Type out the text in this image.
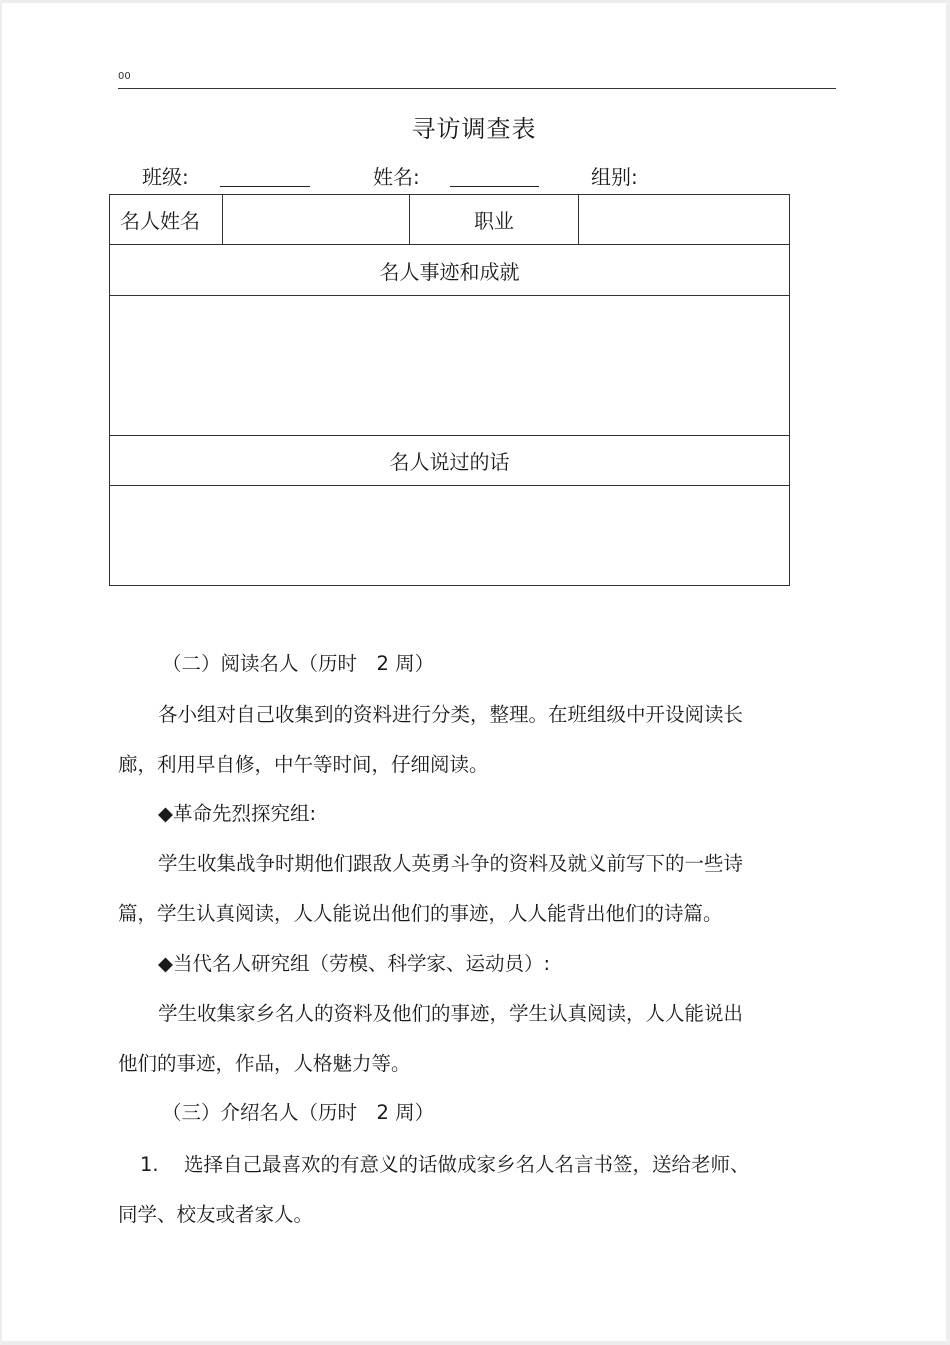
00
寻访调查表
班级:	姓名:	组别:
名人姓名		职业	
名人事迹和成就

名人说过的话

（二）阅读名人（历时　2 周）
各小组对自己收集到的资料进行分类，整理。在班组级中开设阅读长
廊，利用早自修，中午等时间，仔细阅读。
◆革命先烈探究组:
学生收集战争时期他们跟敌人英勇斗争的资料及就义前写下的一些诗
篇，学生认真阅读，人人能说出他们的事迹，人人能背出他们的诗篇。
◆当代名人研究组（劳模、科学家、运动员）:
学生收集家乡名人的资料及他们的事迹，学生认真阅读，人人能说出
他们的事迹，作品，人格魅力等。
（三）介绍名人（历时　2 周）
1.	选择自己最喜欢的有意义的话做成家乡名人名言书签，送给老师、
同学、校友或者家人。
